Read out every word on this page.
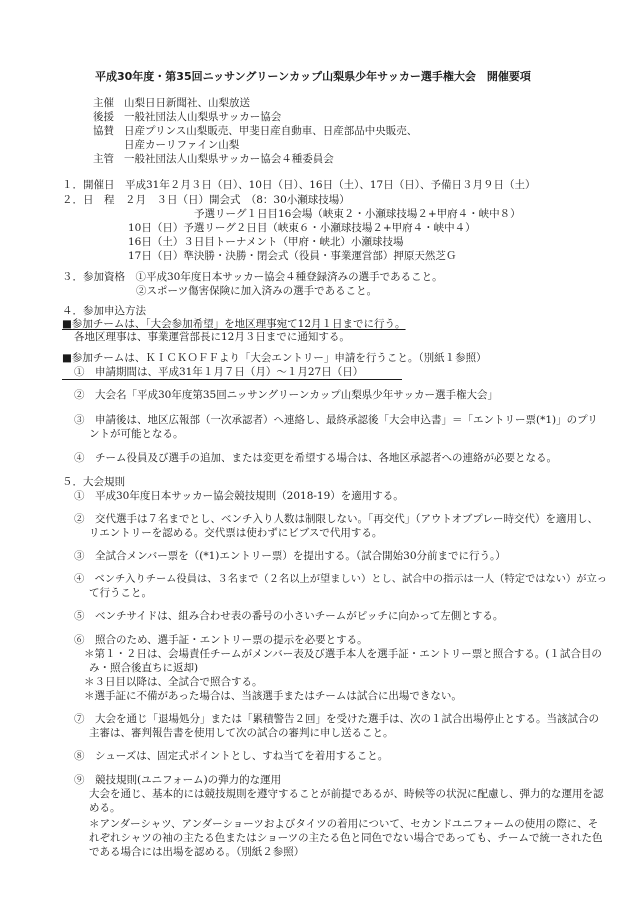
平成30年度・第35回ニッサングリーンカップ山梨県少年サッカー選手権大会　開催要項
主催 山梨日日新聞社、山梨放送
後援 一般社団法人山梨県サッカー協会
協賛 日産プリンス山梨販売、甲斐日産自動車、日産部品中央販売、
日産カーリファイン山梨
主管 一般社団法人山梨県サッカー協会４種委員会
１．開催日　平成31年２月３日（日）、10日（日）、16日（土）、17日（日）、予備日３月９日（土）
２．日　程　２月　３日（日）開会式　（8：30小瀬球技場）
予選リーグ１日目16会場（峡東２・小瀬球技場２+甲府４・峡中８）
10日（日）予選リーグ２日目（峡東６・小瀬球技場２+甲府４・峡中４）
16日（土）３日目トーナメント（甲府・峡北）小瀬球技場
17日（日）準決勝・決勝・閉会式（役員・事業運営部）押原天然芝Ｇ
３．参加資格　①平成30年度日本サッカー協会４種登録済みの選手であること。
②スポーツ傷害保険に加入済みの選手であること。
４．参加申込方法
■参加チームは、「大会参加希望」を地区理事宛て12月１日までに行う。
各地区理事は、事業運営部長に12月３日までに通知する。
■参加チームは、ＫＩＣＫＯＦＦより「大会エントリー」申請を行うこと。（別紙１参照）
①　申請期間は、平成31年１月７日（月）〜１月27日（日）
②　大会名「平成30年度第35回ニッサングリーンカップ山梨県少年サッカー選手権大会」
③　申請後は、地区広報部（一次承認者）へ連絡し、最終承認後「大会申込書」＝「エントリー票(*1)」のプリ
ントが可能となる。
④　チーム役員及び選手の追加、または変更を希望する場合は、各地区承認者への連絡が必要となる。
５．大会規則
①　平成30年度日本サッカー協会競技規則（2018-19）を適用する。
②　交代選手は７名までとし、ベンチ入り人数は制限しない。「再交代」（アウトオブプレー時交代）を適用し、
リエントリーを認める。交代票は使わずにビブスで代用する。
③　全試合メンバー票を（(*1)エントリー票）を提出する。（試合開始30分前までに行う。）
④　ベンチ入りチーム役員は、３名まで（２名以上が望ましい）とし、試合中の指示は一人（特定ではない）が立っ
て行うこと。
⑤　ベンチサイドは、組み合わせ表の番号の小さいチームがピッチに向かって左側とする。
⑥　照合のため、選手証・エントリー票の提示を必要とする。
＊第１・２日は、会場責任チームがメンバー表及び選手本人を選手証・エントリー票と照合する。(１試合目の
み・照合後直ちに返却)
＊３日目以降は、全試合で照合する。
＊選手証に不備があった場合は、当該選手またはチームは試合に出場できない。
⑦　大会を通じ「退場処分」または「累積警告２回」を受けた選手は、次の１試合出場停止とする。当該試合の
主審は、審判報告書を使用して次の試合の審判に申し送ること。
⑧　シューズは、固定式ポイントとし、すね当てを着用すること。
⑨　競技規則(ユニフォーム)の弾力的な運用
大会を通じ、基本的には競技規則を遵守することが前提であるが、時候等の状況に配慮し、弾力的な運用を認
める。
＊アンダーシャツ、アンダーショーツおよびタイツの着用について、セカンドユニフォームの使用の際に、そ
れぞれシャツの袖の主たる色またはショーツの主たる色と同色でない場合であっても、チームで統一された色
である場合には出場を認める。（別紙２参照）
